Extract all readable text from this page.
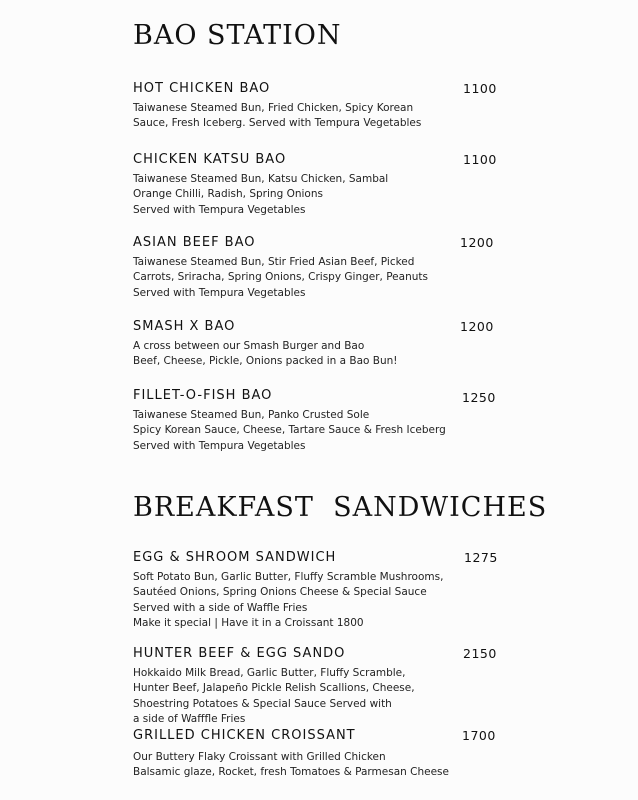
BAO STATION
HOT CHICKEN BAO
Taiwanese Steamed Bun, Fried Chicken, Spicy Korean
Sauce, Fresh Iceberg. Served with Tempura Vegetables
1100
CHICKEN KATSU BAO
Taiwanese Steamed Bun, Katsu Chicken, Sambal
Orange Chilli, Radish, Spring Onions
Served with Tempura Vegetables
1100
ASIAN BEEF BAO
Taiwanese Steamed Bun, Stir Fried Asian Beef, Picked
Carrots, Sriracha, Spring Onions, Crispy Ginger, Peanuts
Served with Tempura Vegetables
1200
SMASH X BAO
A cross between our Smash Burger and Bao
Beef, Cheese, Pickle, Onions packed in a Bao Bun!
1200
FILLET-O-FISH BAO
Taiwanese Steamed Bun, Panko Crusted Sole
Spicy Korean Sauce, Cheese, Tartare Sauce & Fresh Iceberg
Served with Tempura Vegetables
1250
BREAKFAST  SANDWICHES
EGG & SHROOM SANDWICH
Soft Potato Bun, Garlic Butter, Fluffy Scramble Mushrooms,
Sautéed Onions, Spring Onions Cheese & Special Sauce
Served with a side of Waffle Fries
Make it special | Have it in a Croissant 1800
1275
HUNTER BEEF & EGG SANDO
Hokkaido Milk Bread, Garlic Butter, Fluffy Scramble,
Hunter Beef, Jalapeño Pickle Relish Scallions, Cheese,
Shoestring Potatoes & Special Sauce Served with
a side of Wafffle Fries
2150
GRILLED CHICKEN CROISSANT
Our Buttery Flaky Croissant with Grilled Chicken
Balsamic glaze, Rocket, fresh Tomatoes & Parmesan Cheese
1700
